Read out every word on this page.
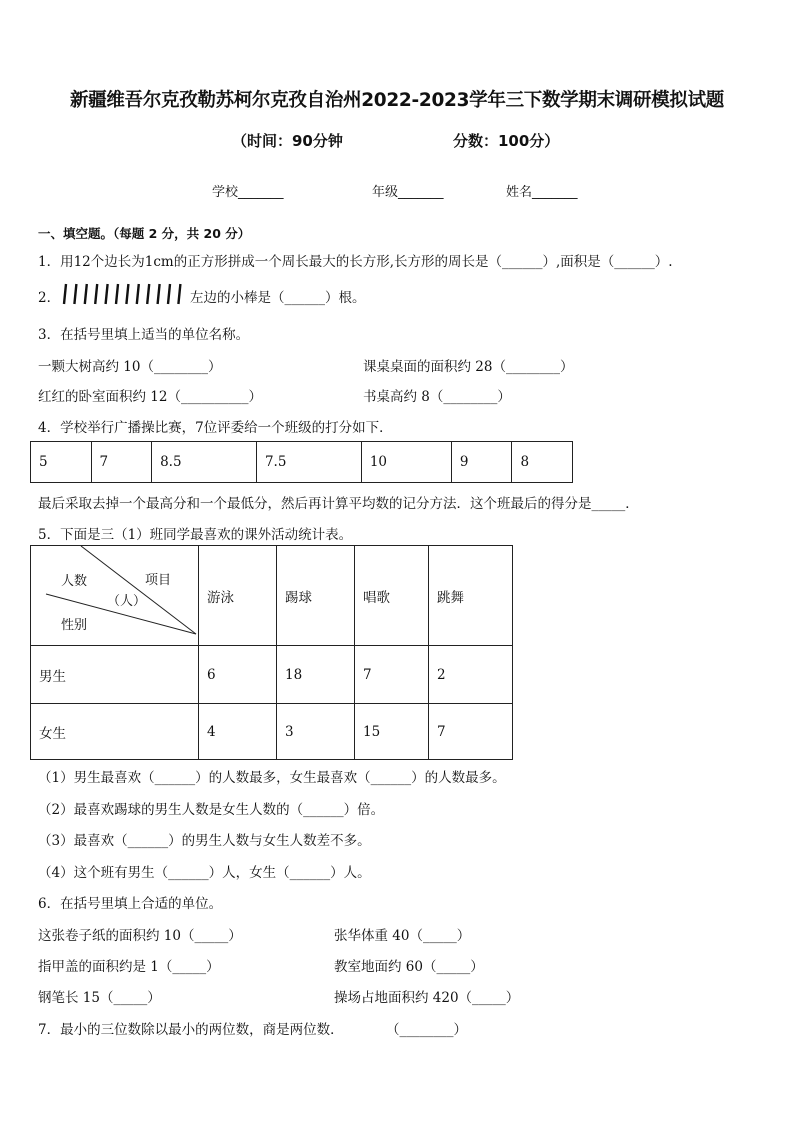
新疆维吾尔克孜勒苏柯尔克孜自治州2022-2023学年三下数学期末调研模拟试题
（时间：90分钟	分数：100分）
学校_______	年级_______	姓名_______
一、填空题。（每题 2 分，共 20 分）
1．用12个边长为1cm的正方形拼成一个周长最大的长方形,长方形的周长是（______）,面积是（______）.
2．	左边的小棒是（______）根。
3．在括号里填上适当的单位名称。
一颗大树高约 10（________）	课桌桌面的面积约 28（________）
红红的卧室面积约 12（__________）	书桌高约 8（________）
4．学校举行广播操比赛，7位评委给一个班级的打分如下．
5	7	8.5	7.5	10	9	8
最后采取去掉一个最高分和一个最低分，然后再计算平均数的记分方法．这个班最后的得分是_____．
5．下面是三（1）班同学最喜欢的课外活动统计表。
人数 项目
（人）
性别	游泳	踢球	唱歌	跳舞
男生	6	18	7	2
女生	4	3	15	7
（1）男生最喜欢（______）的人数最多，女生最喜欢（______）的人数最多。
（2）最喜欢踢球的男生人数是女生人数的（______）倍。
（3）最喜欢（______）的男生人数与女生人数差不多。
（4）这个班有男生（______）人，女生（______）人。
6．在括号里填上合适的单位。
这张卷子纸的面积约 10（_____）	张华体重 40（_____）
指甲盖的面积约是 1（_____）	教室地面约 60（_____）
钢笔长 15（_____）	操场占地面积约 420（_____）
7．最小的三位数除以最小的两位数，商是两位数．	（________）
